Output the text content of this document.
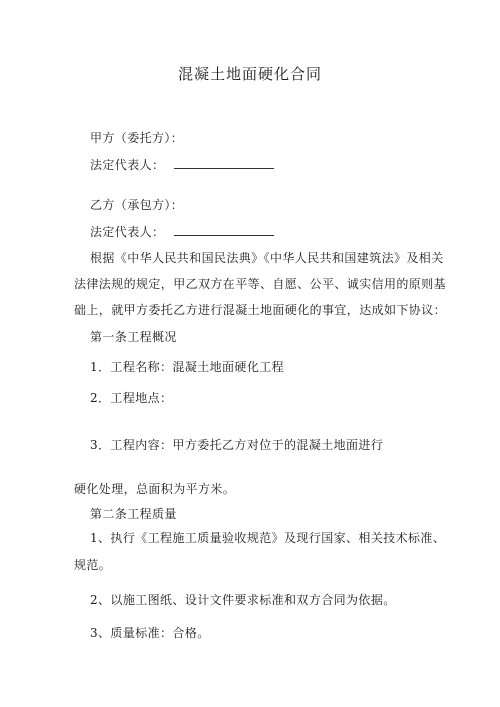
混凝土地面硬化合同
甲方（委托方）：
法定代表人：
乙方（承包方）：
法定代表人：
根据《中华人民共和国民法典》《中华人民共和国建筑法》及相关
法律法规的规定，甲乙双方在平等、自愿、公平、诚实信用的原则基
础上，就甲方委托乙方进行混凝土地面硬化的事宜，达成如下协议：
第一条工程概况
1．工程名称：混凝土地面硬化工程
2．工程地点：
3．工程内容：甲方委托乙方对位于的混凝土地面进行
硬化处理，总面积为平方米。
第二条工程质量
1、执行《工程施工质量验收规范》及现行国家、相关技术标准、
规范。
2、以施工图纸、设计文件要求标准和双方合同为依据。
3、质量标准：合格。
